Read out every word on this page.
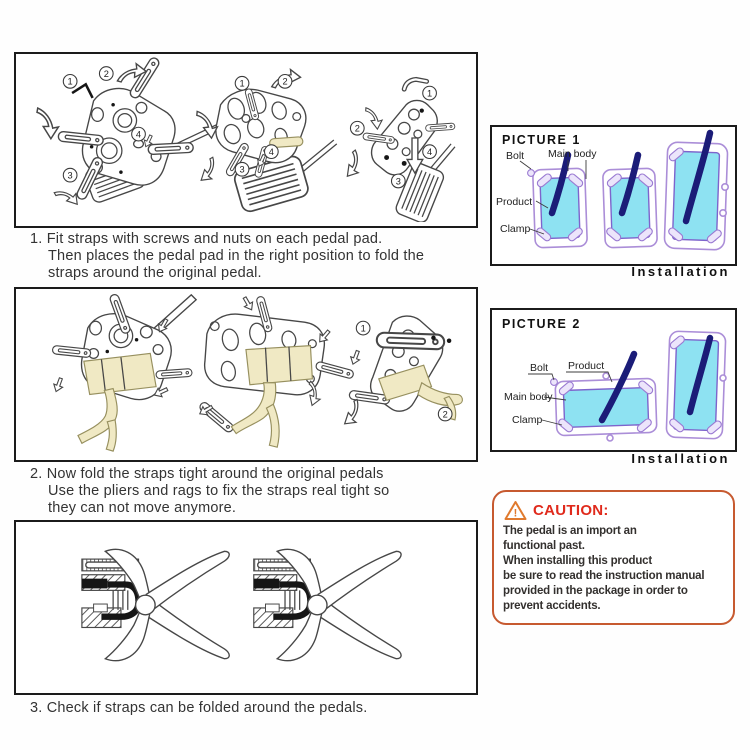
1
2
3
4
1	2
3
4
1
2
3
4
1. Fit straps with screws and nuts on each pedal pad.
Then places the pedal pad in the right position to fold the
straps around the original pedal.
1
2
2. Now fold the straps tight around the original pedals
Use the pliers and rags to fix the straps real tight so
they can not move anymore.
3. Check if straps can be folded around the pedals.
PICTURE 1
Bolt Main body
Product
Clamp
Installation
PICTURE 2
Bolt Product
Main body
Clamp
Installation
! CAUTION:
The pedal is an import an
functional past.
When installing this product
be sure to read the instruction manual
provided in the package in order to
prevent accidents.
